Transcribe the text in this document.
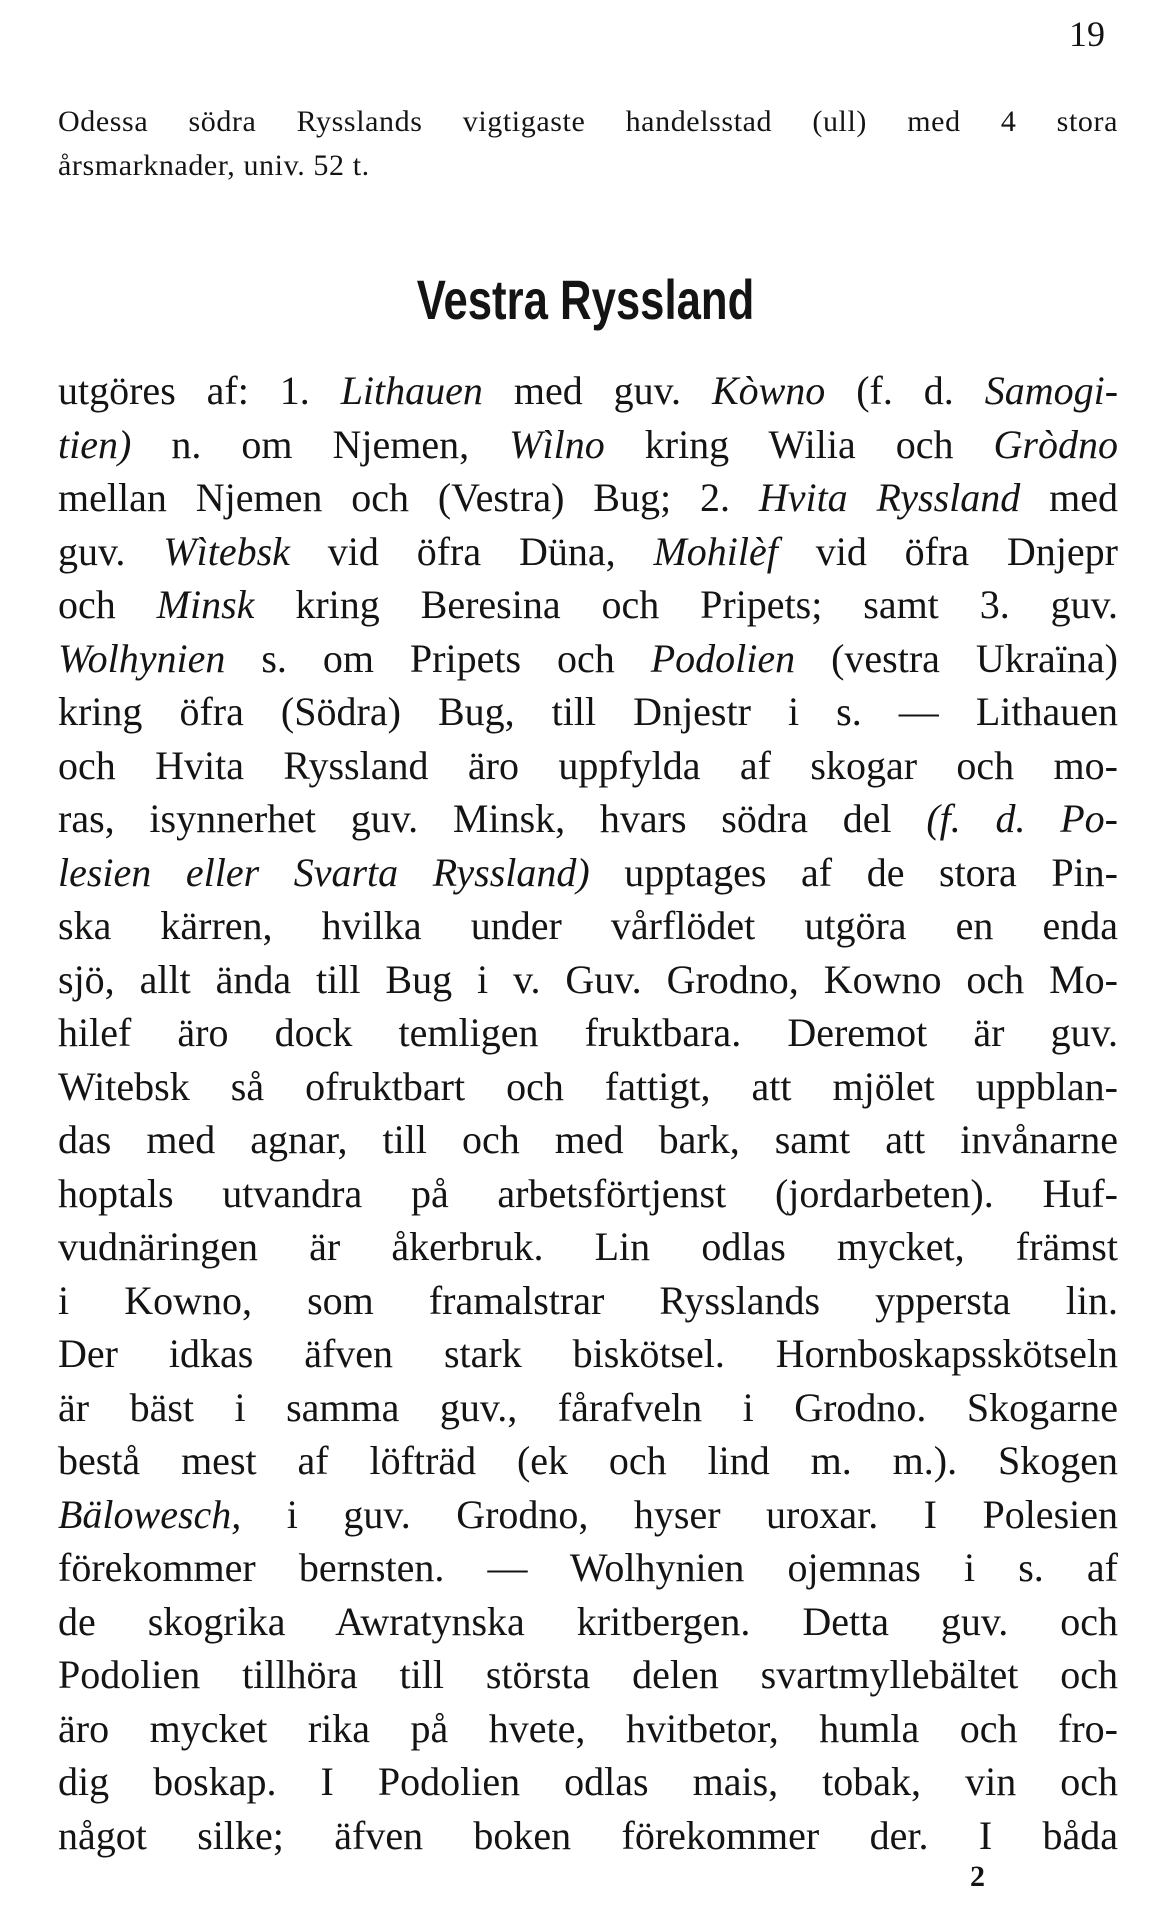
19
Odessa södra Rysslands vigtigaste handelsstad (ull) med 4 stora
årsmarknader, univ. 52 t.
Vestra Ryssland
utgöres af: 1. Lithauen med guv. Kòwno (f. d. Samogi-
tien) n. om Njemen, Wìlno kring Wilia och Gròdno
mellan Njemen och (Vestra) Bug; 2. Hvita Ryssland med
guv. Wìtebsk vid öfra Düna, Mohilèf vid öfra Dnjepr
och Minsk kring Beresina och Pripets; samt 3. guv.
Wolhynien s. om Pripets och Podolien (vestra Ukraïna)
kring öfra (Södra) Bug, till Dnjestr i s. — Lithauen
och Hvita Ryssland äro uppfylda af skogar och mo-
ras, isynnerhet guv. Minsk, hvars södra del (f. d. Po-
lesien eller Svarta Ryssland) upptages af de stora Pin-
ska kärren, hvilka under vårflödet utgöra en enda
sjö, allt ända till Bug i v. Guv. Grodno, Kowno och Mo-
hilef äro dock temligen fruktbara. Deremot är guv.
Witebsk så ofruktbart och fattigt, att mjölet uppblan-
das med agnar, till och med bark, samt att invånarne
hoptals utvandra på arbetsförtjenst (jordarbeten). Huf-
vudnäringen är åkerbruk. Lin odlas mycket, främst
i Kowno, som framalstrar Rysslands yppersta lin.
Der idkas äfven stark biskötsel. Hornboskapsskötseln
är bäst i samma guv., fårafveln i Grodno. Skogarne
bestå mest af löfträd (ek och lind m. m.). Skogen
Bälowesch, i guv. Grodno, hyser uroxar. I Polesien
förekommer bernsten. — Wolhynien ojemnas i s. af
de skogrika Awratynska kritbergen. Detta guv. och
Podolien tillhöra till största delen svartmyllebältet och
äro mycket rika på hvete, hvitbetor, humla och fro-
dig boskap. I Podolien odlas mais, tobak, vin och
något silke; äfven boken förekommer der. I båda
2
